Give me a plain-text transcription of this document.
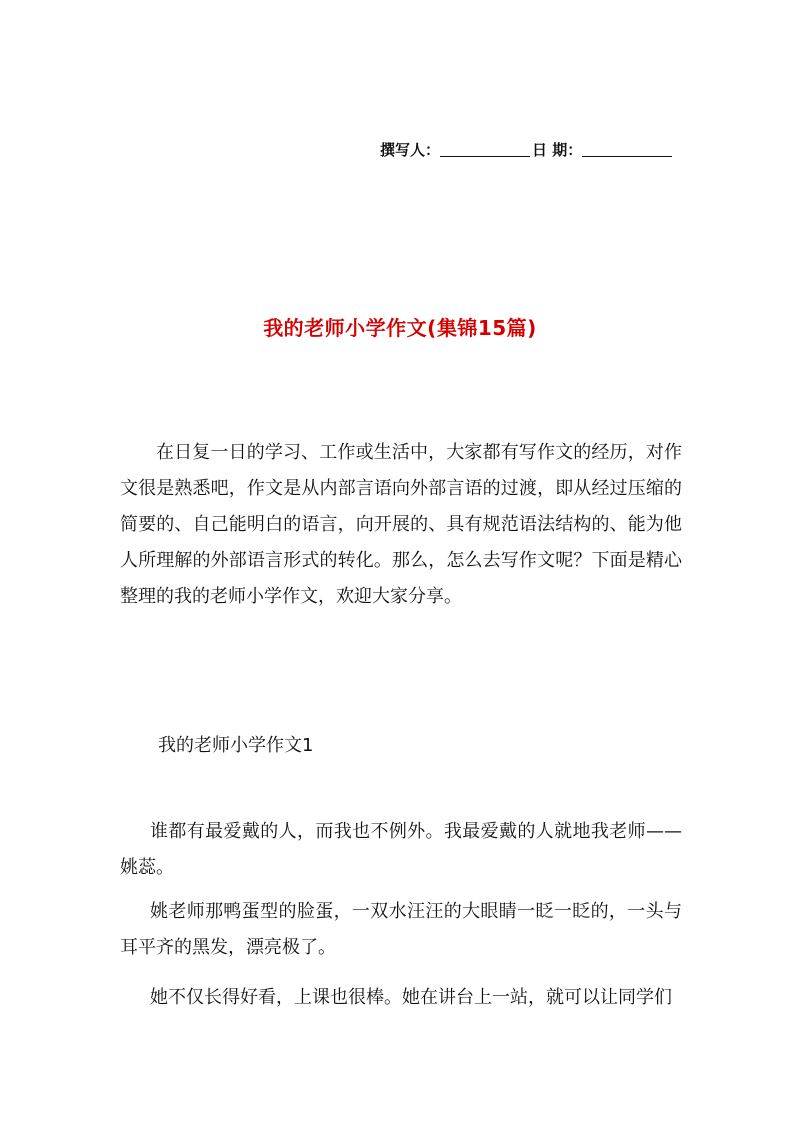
撰写人：	日 期：
我的老师小学作文(集锦15篇)
在日复一日的学习、工作或生活中，大家都有写作文的经历，对作文很是熟悉吧，作文是从内部言语向外部言语的过渡，即从经过压缩的简要的、自己能明白的语言，向开展的、具有规范语法结构的、能为他人所理解的外部语言形式的转化。那么，怎么去写作文呢？下面是精心整理的我的老师小学作文，欢迎大家分享。
我的老师小学作文1
谁都有最爱戴的人，而我也不例外。我最爱戴的人就地我老师——姚蕊。
姚老师那鸭蛋型的脸蛋，一双水汪汪的大眼睛一眨一眨的，一头与耳平齐的黑发，漂亮极了。
她不仅长得好看，上课也很棒。她在讲台上一站，就可以让同学们
